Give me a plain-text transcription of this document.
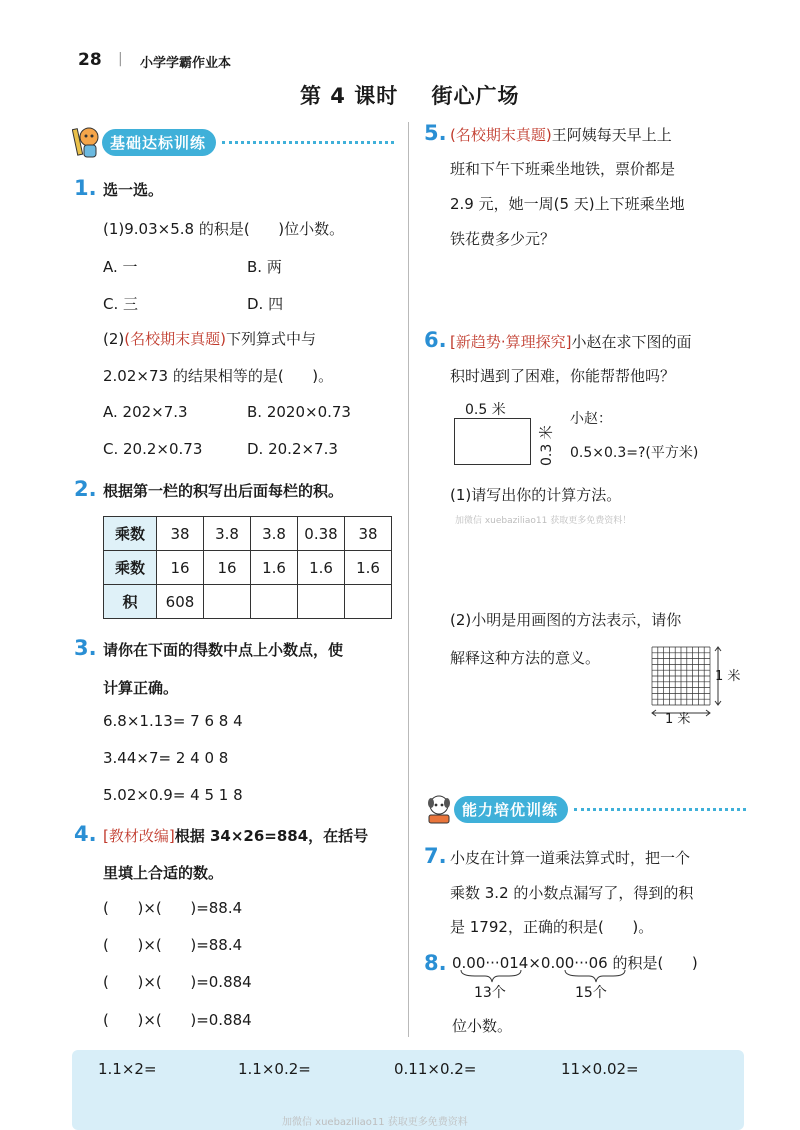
28 | 小学学霸作业本
第 4 课时    街心广场
基础达标训练
1. 选一选。
(1)9.03×5.8 的积是(      )位小数。
A. 一	B. 两
C. 三	D. 四
(2)(名校期末真题)下列算式中与
2.02×73 的结果相等的是(      )。
A. 202×7.3	B. 2020×0.73
C. 20.2×0.73	D. 20.2×7.3
2. 根据第一栏的积写出后面每栏的积。
乘数	38	3.8	3.8	0.38	38
乘数	16	16	1.6	1.6	1.6
积	608				
3. 请你在下面的得数中点上小数点，使
计算正确。
6.8×1.13= 7 6 8 4
3.44×7= 2 4 0 8
5.02×0.9= 4 5 1 8
4. [教材改编]根据 34×26=884，在括号
里填上合适的数。
(      )×(      )=88.4
(      )×(      )=88.4
(      )×(      )=0.884
(      )×(      )=0.884
5. (名校期末真题)王阿姨每天早上上
班和下午下班乘坐地铁，票价都是
2.9 元，她一周(5 天)上下班乘坐地
铁花费多少元？
6. [新趋势·算理探究]小赵在求下图的面
积时遇到了困难，你能帮帮他吗？
0.5 米
0.3 米
小赵：
0.5×0.3=?(平方米)
(1)请写出你的计算方法。
加微信 xuebaziliao11 获取更多免费资料！
(2)小明是用画图的方法表示，请你
解释这种方法的意义。
1 米
1 米
能力培优训练
7. 小皮在计算一道乘法算式时，把一个
乘数 3.2 的小数点漏写了，得到的积
是 1792，正确的积是(      )。
8. 0.00···014×0.00···06 的积是(      )
13个	15个
位小数。
1.1×2=	1.1×0.2=	0.11×0.2=	11×0.02=
加微信 xuebaziliao11 获取更多免费资料
